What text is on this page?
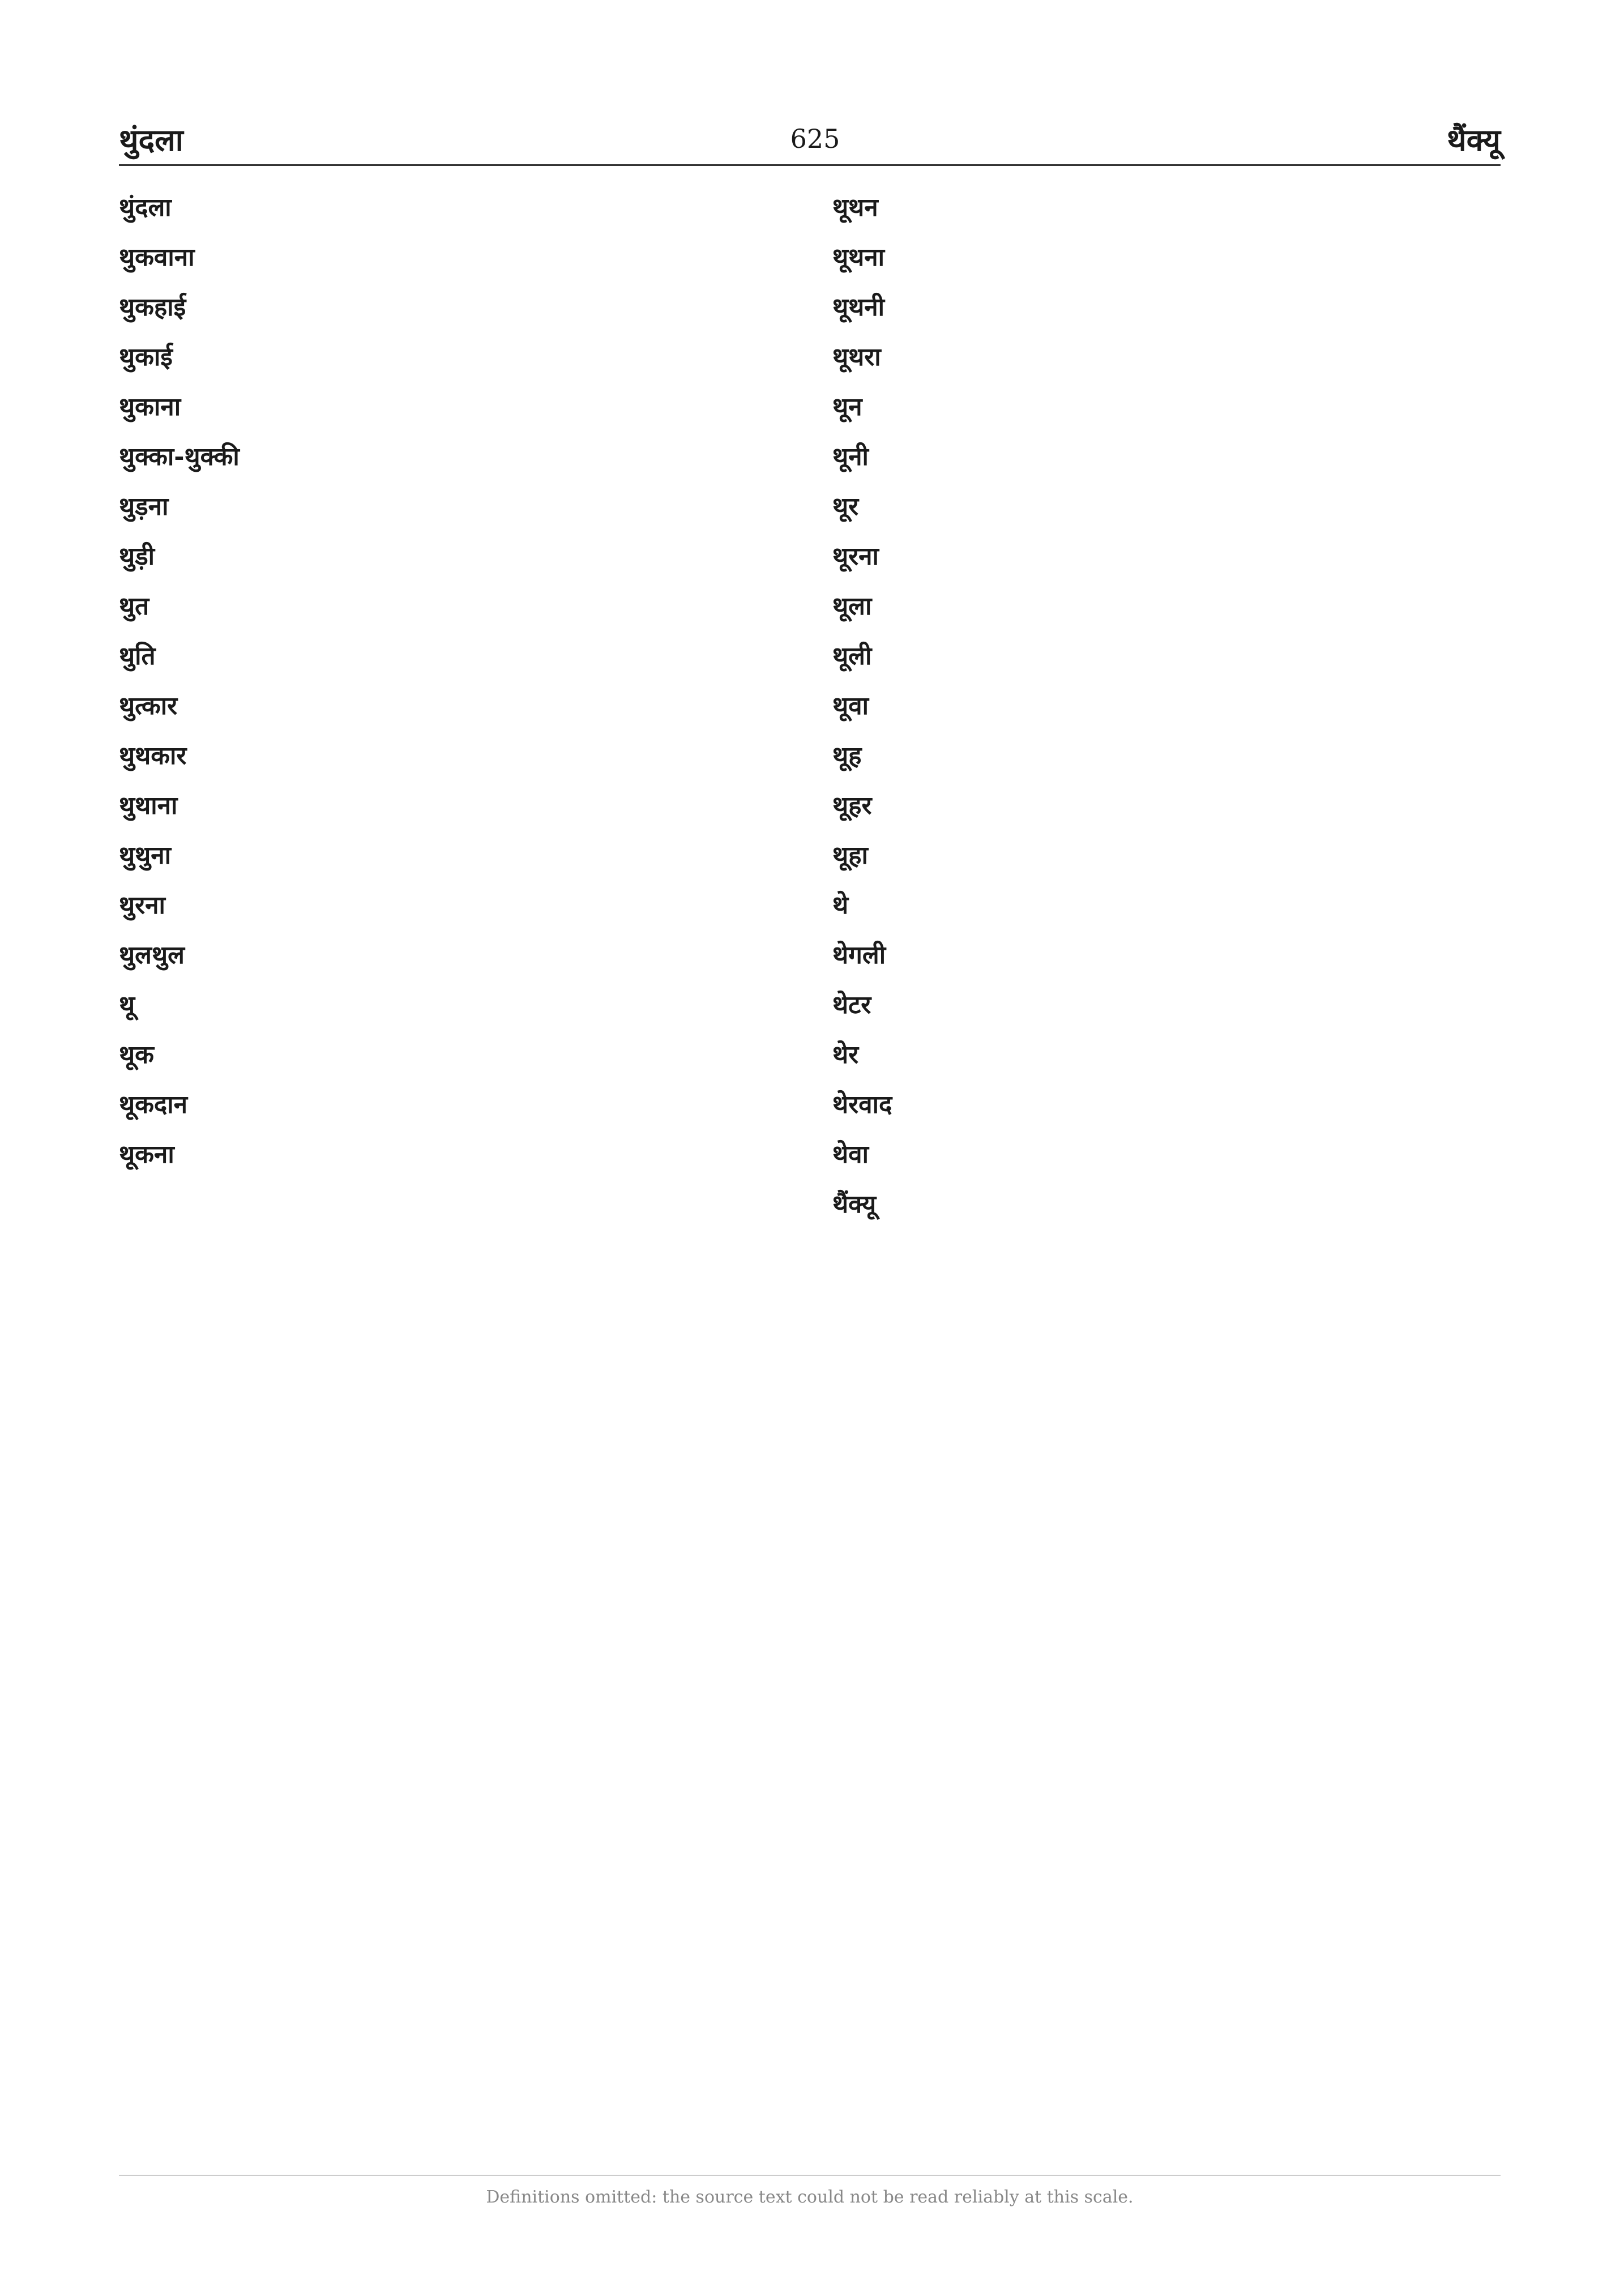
थुंदला	625	थैंक्यू
थुंदला
थुकवाना
थुकहाई
थुकाई
थुकाना
थुक्का-थुक्की
थुड़ना
थुड़ी
थुत
थुति
थुत्कार
थुथकार
थुथाना
थुथुना
थुरना
थुलथुल
थू
थूक
थूकदान
थूकना
थूथन
थूथना
थूथनी
थूथरा
थून
थूनी
थूर
थूरना
थूला
थूली
थूवा
थूह
थूहर
थूहा
थे
थेगली
थेटर
थेर
थेरवाद
थेवा
थैंक्यू
Definitions omitted: the source text could not be read reliably at this scale.
